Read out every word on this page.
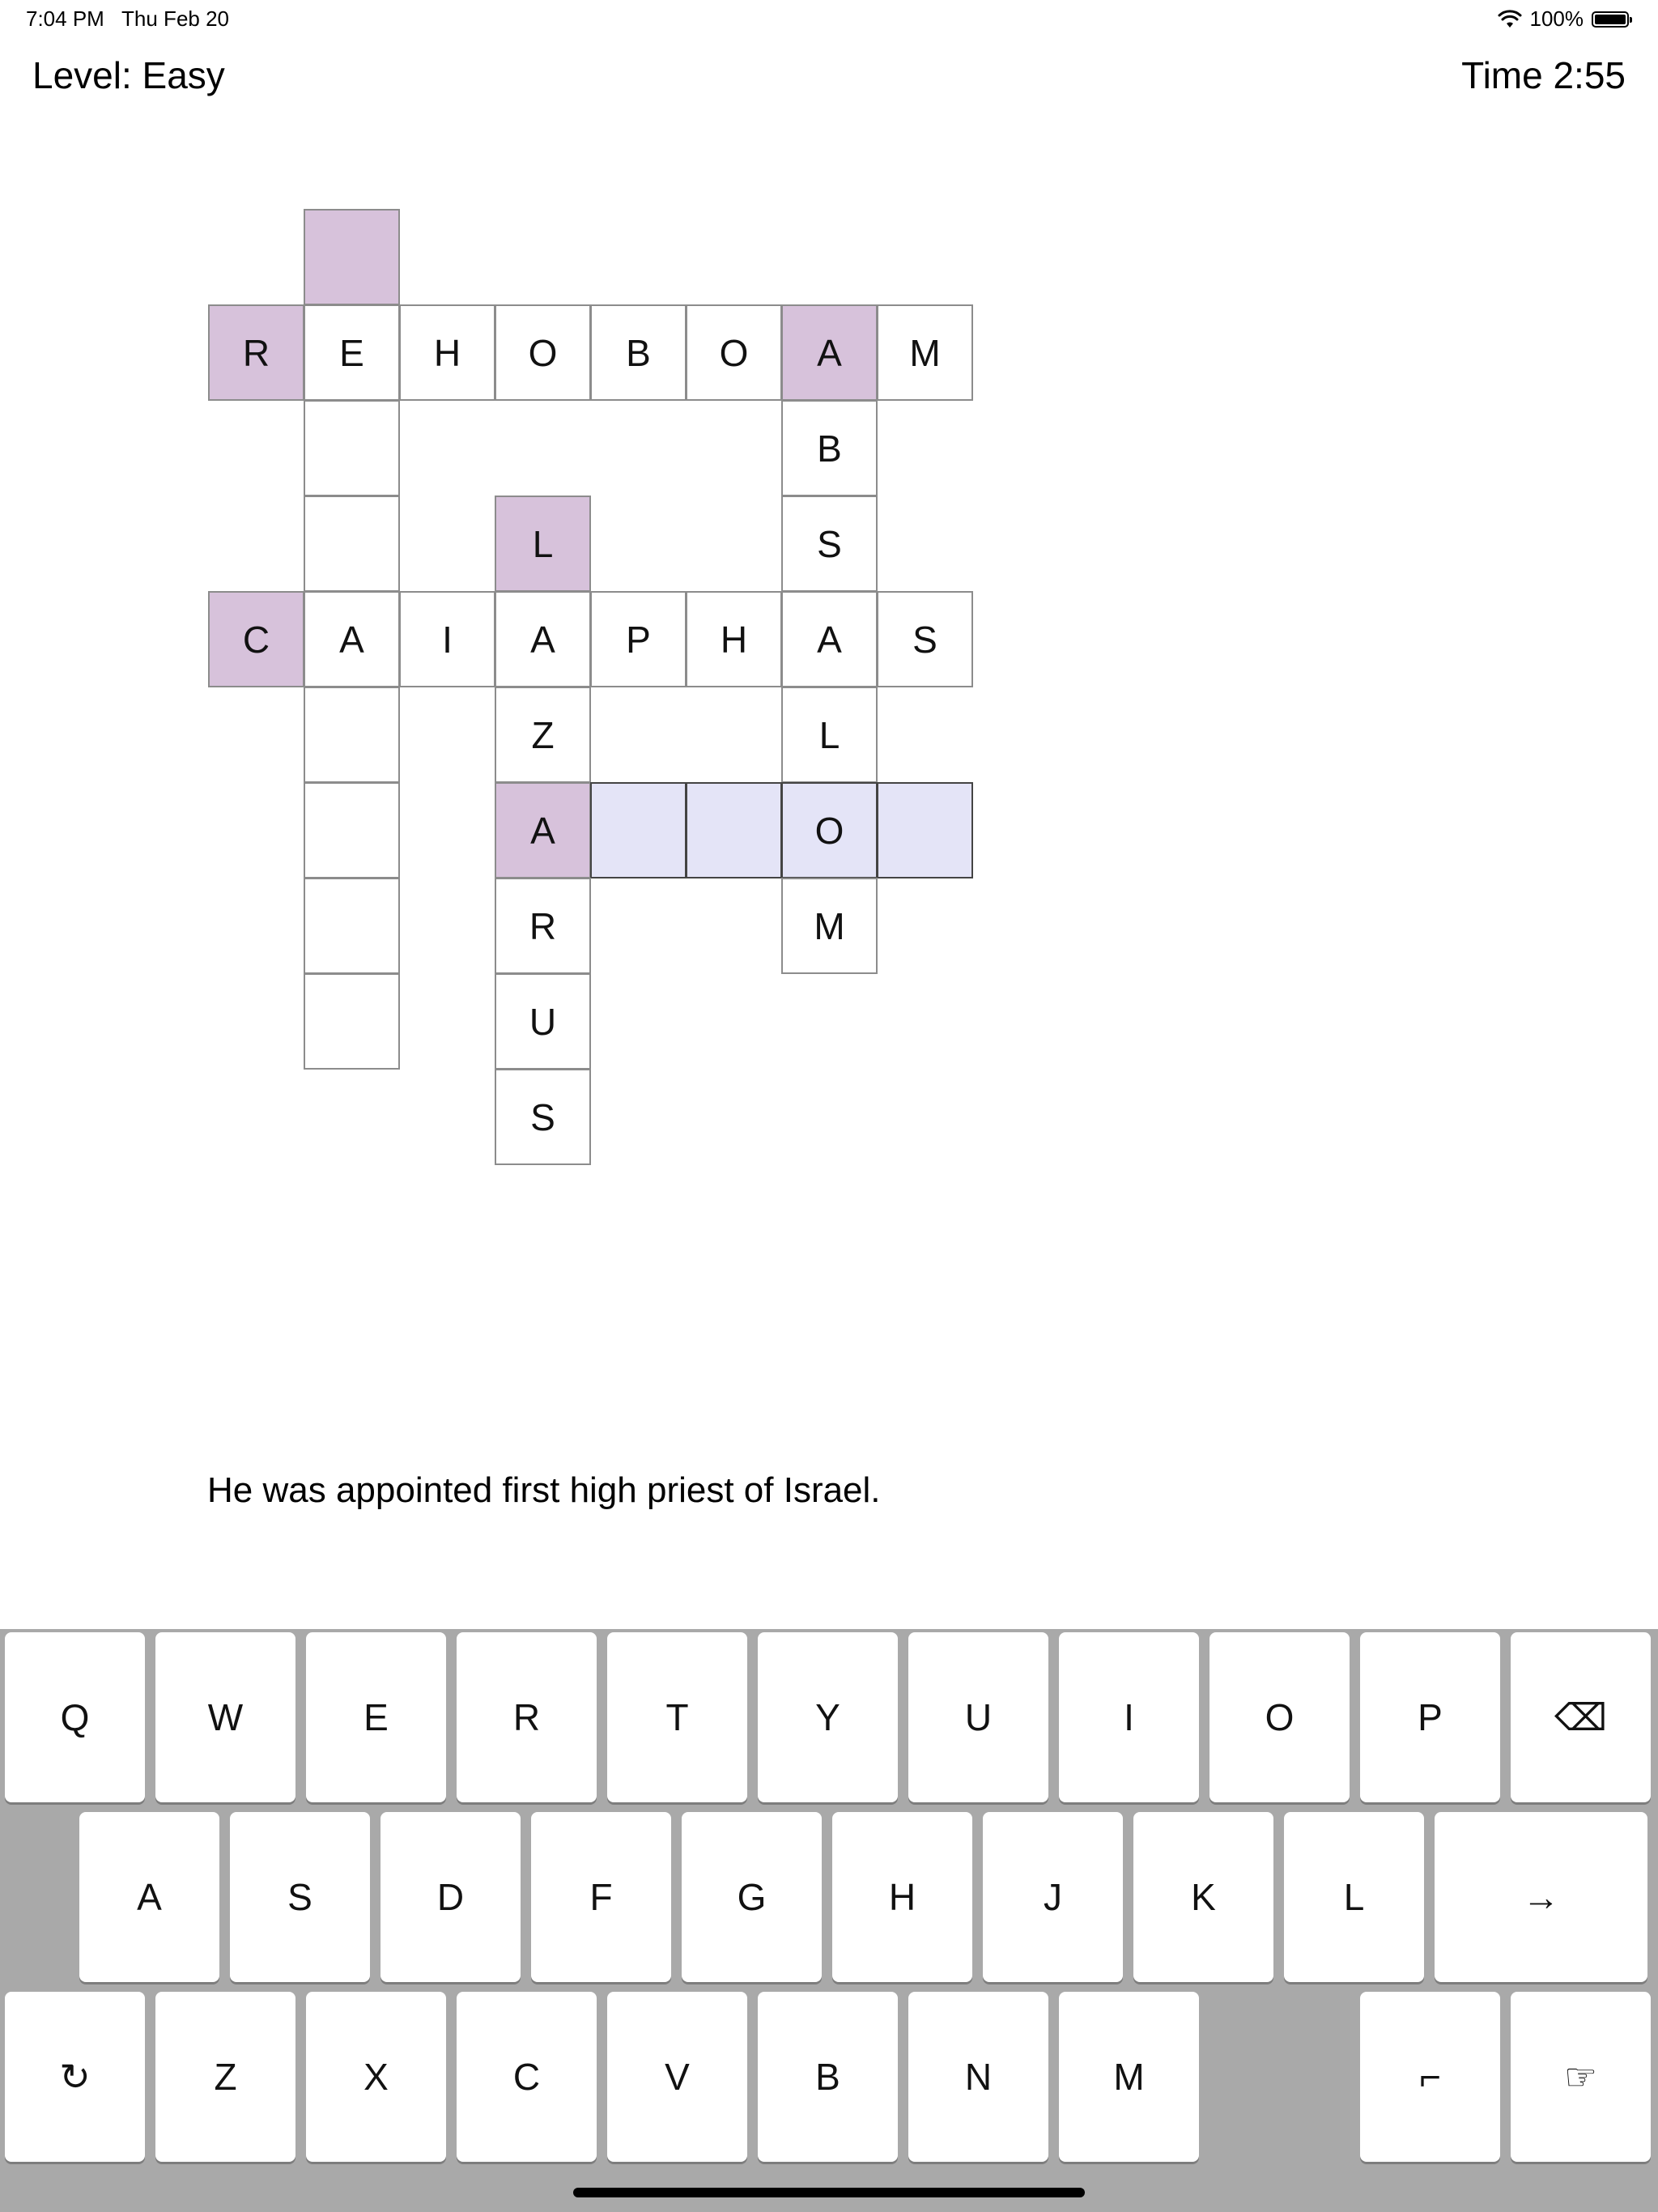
7:04 PM Thu Feb 20	100%
Level: Easy	Time 2:55
R	E	H	O	B	O	A	M
B
L	S
C	A	I	A	P	H	A	S
Z	L
A	O
R	M
U
S
He was appointed first high priest of Israel.
Q	W	E	R	T	Y	U	I	O	P	⌫
A	S	D	F	G	H	J	K	L	→
↻	Z	X	C	V	B	N	M	⌐	☞
